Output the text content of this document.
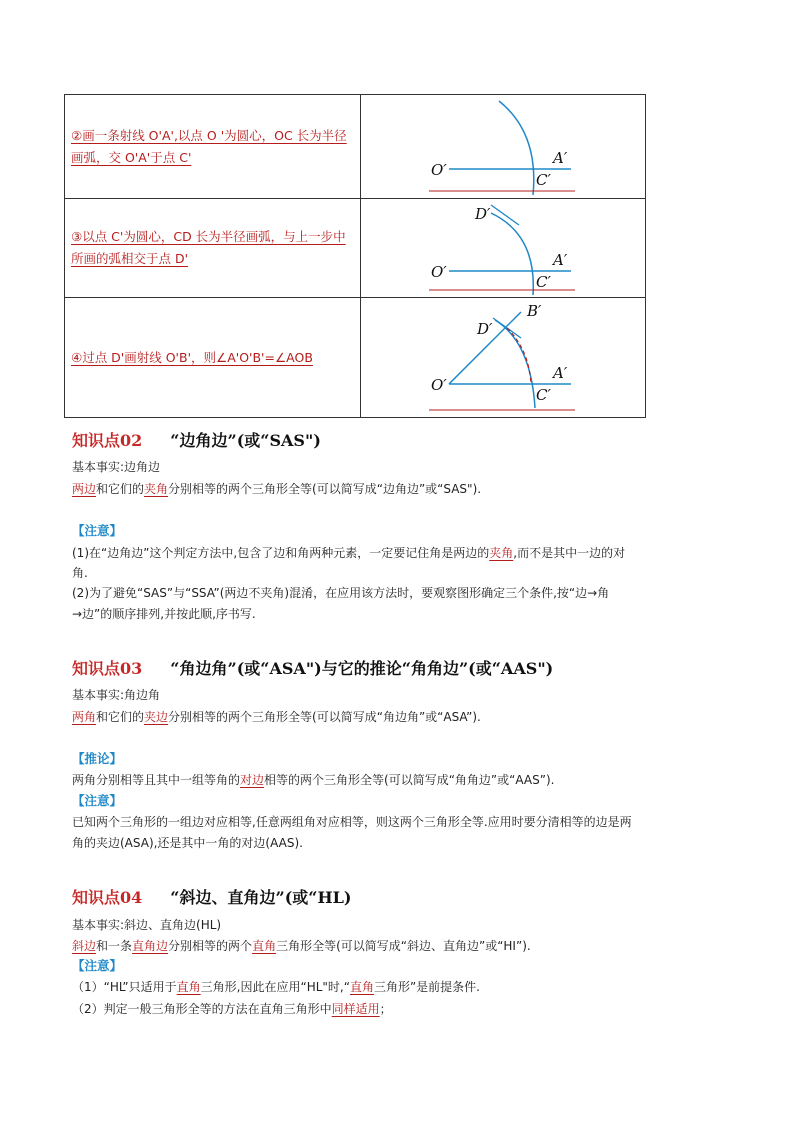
②画一条射线 O'A',以点 O '为圆心，OC 长为半径画弧，交 O'A'于点 C'	O′
A′
C′

③以点 C'为圆心，CD 长为半径画弧，与上一步中所画的弧相交于点 D'	D′
O′
A′
C′

④过点 D'画射线 O'B'，则∠A'O'B'=∠AOB	D′
B′
O′
A′
C′
知识点02 “边角边”(或“SAS")
基本事实:边角边
两边和它们的夹角分别相等的两个三角形全等(可以简写成“边角边”或“SAS").
【注意】
(1)在“边角边”这个判定方法中,包含了边和角两种元素，一定要记住角是两边的夹角,而不是其中一边的对
角.
(2)为了避免“SAS”与“SSA”(两边不夹角)混淆，在应用该方法时，要观察图形确定三个条件,按“边→角
→边”的顺序排列,并按此顺,序书写.
知识点03 “角边角”(或“ASA")与它的推论“角角边”(或“AAS")
基本事实:角边角
两角和它们的夹边分别相等的两个三角形全等(可以简写成“角边角”或“ASA”).
【推论】
两角分别相等且其中一组等角的对边相等的两个三角形全等(可以简写成“角角边”或“AAS”).
【注意】
已知两个三角形的一组边对应相等,任意两组角对应相等，则这两个三角形全等.应用时要分清相等的边是两
角的夹边(ASA),还是其中一角的对边(AAS).
知识点04 “斜边、直角边”(或“HL)
基本事实:斜边、直角边(HL)
斜边和一条直角边分别相等的两个直角三角形全等(可以简写成“斜边、直角边”或“HI”).
【注意】
（1）“HL”只适用于直角三角形,因此在应用“HL"时,“直角三角形”是前提条件.
（2）判定一般三角形全等的方法在直角三角形中同样适用；
